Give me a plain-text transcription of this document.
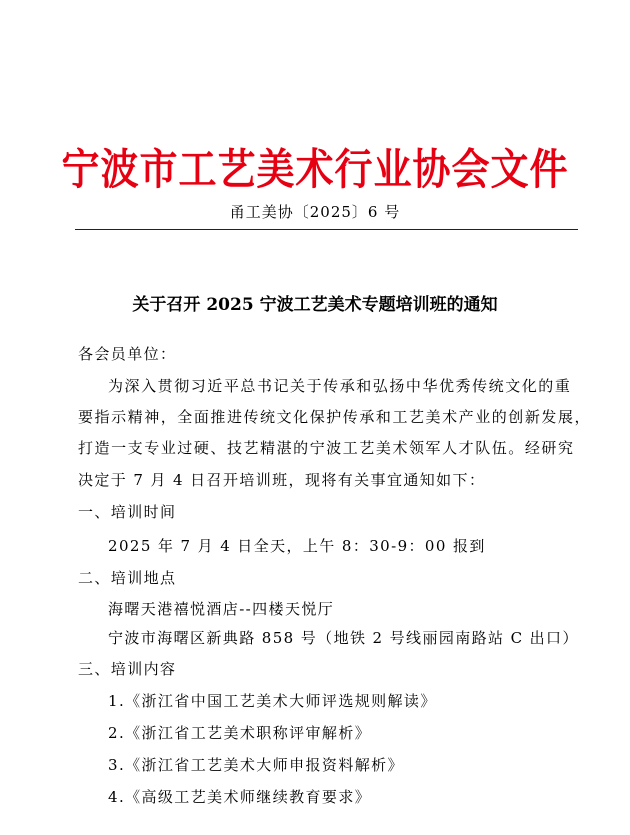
宁波市工艺美术行业协会文件
甬工美协〔2025〕6 号
关于召开 2025 宁波工艺美术专题培训班的通知
各会员单位：
为深入贯彻习近平总书记关于传承和弘扬中华优秀传统文化的重
要指示精神，全面推进传统文化保护传承和工艺美术产业的创新发展，
打造一支专业过硬、技艺精湛的宁波工艺美术领军人才队伍。经研究
决定于 7 月 4 日召开培训班，现将有关事宜通知如下：
一、培训时间
2025 年 7 月 4 日全天，上午 8：30-9：00 报到
二、培训地点
海曙天港禧悦酒店--四楼天悦厅
宁波市海曙区新典路 858 号（地铁 2 号线丽园南路站 C 出口）
三、培训内容
1.《浙江省中国工艺美术大师评选规则解读》
2.《浙江省工艺美术职称评审解析》
3.《浙江省工艺美术大师申报资料解析》
4.《高级工艺美术师继续教育要求》
